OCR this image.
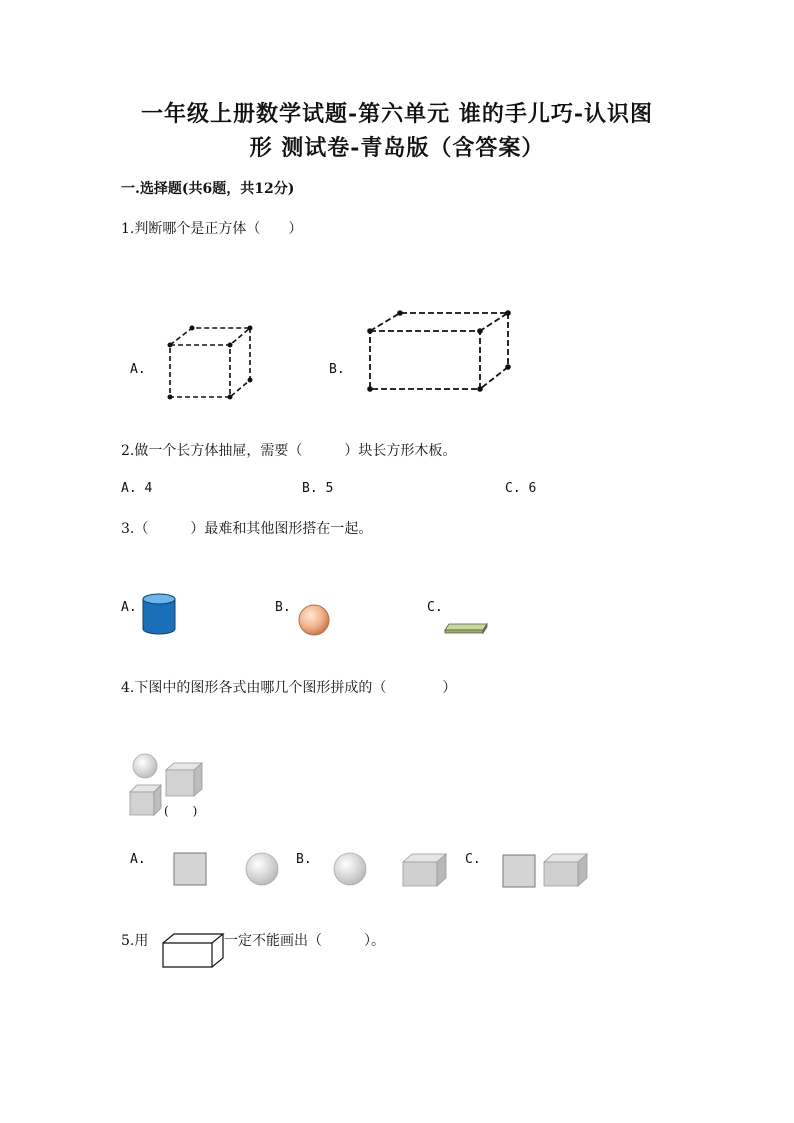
一年级上册数学试题-第六单元 谁的手儿巧-认识图
形 测试卷-青岛版（含答案）
一.选择题(共6题，共12分)
1.判断哪个是正方体（　　）
A.	B.
2.做一个长方体抽屉，需要（　　　）块长方形木板。
A. 4	B. 5	C. 6
3.（　　　）最难和其他图形搭在一起。
A.	B.	C.
4.下图中的图形各式由哪几个图形拼成的（　　　　）
(　　)
A.	B.	C.
5.用	一定不能画出（　　　）。
